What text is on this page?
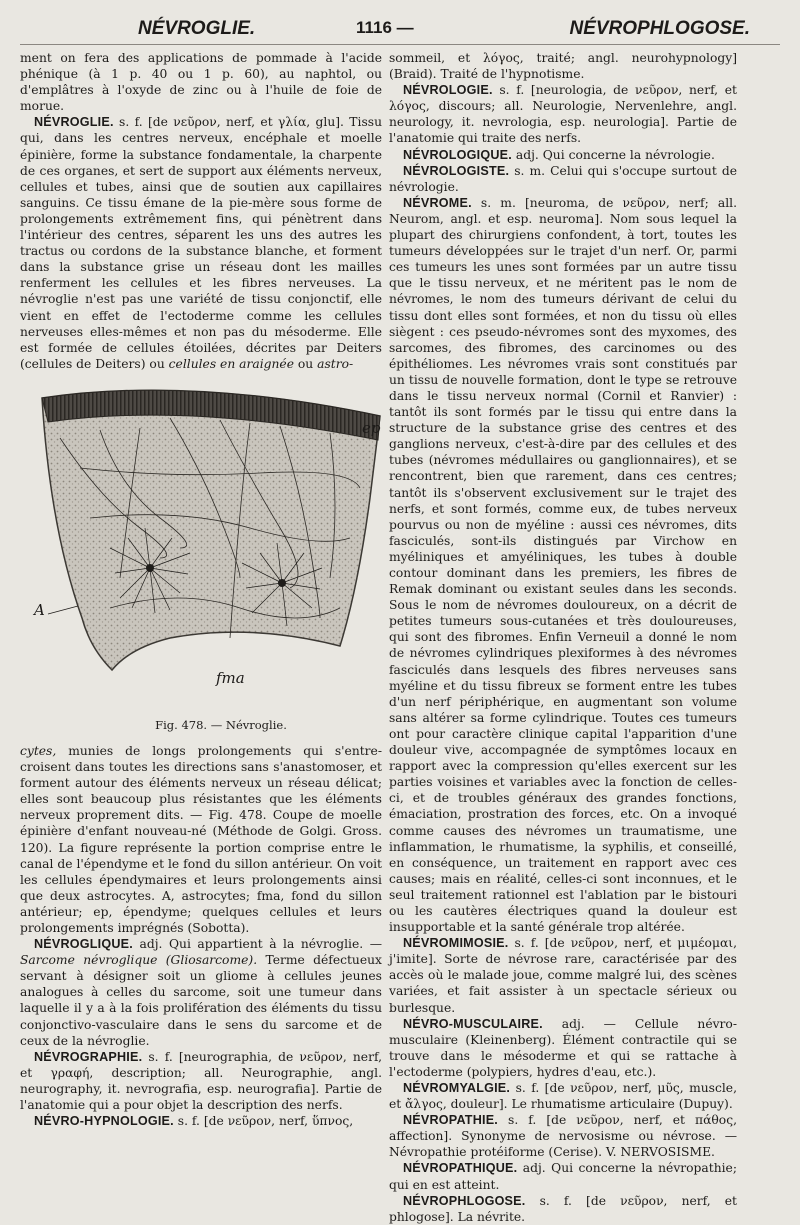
NÉVROGLIE.	1116 —	NÉVROPHLOGOSE.

ment on fera des applications de pommade à l'acide phénique (à 1 p. 40 ou 1 p. 60), au naphtol, ou d'emplâtres à l'oxyde de zinc ou à l'huile de foie de morue.

NÉVROGLIE. s. f. [de νεῦρον, nerf, et γλία, glu]. Tissu qui, dans les centres nerveux, encéphale et moelle épinière, forme la substance fondamentale, la charpente de ces organes, et sert de support aux éléments nerveux, cellules et tubes, ainsi que de soutien aux capillaires sanguins. Ce tissu émane de la pie-mère sous forme de prolongements extrêmement fins, qui pénètrent dans l'intérieur des centres, séparent les uns des autres les tractus ou cordons de la substance blanche, et forment dans la substance grise un réseau dont les mailles renferment les cellules et les fibres nerveuses. La névroglie n'est pas une variété de tissu conjonctif, elle vient en effet de l'ectoderme comme les cellules nerveuses elles-mêmes et non pas du mésoderme. Elle est formée de cellules étoilées, décrites par Deiters (cellules de Deiters) ou cellules en araignée ou astro-

ep
A
fma
Fig. 478. — Névroglie.

cytes, munies de longs prolongements qui s'entre-croisent dans toutes les directions sans s'anastomoser, et forment autour des éléments nerveux un réseau délicat; elles sont beaucoup plus résistantes que les éléments nerveux proprement dits. — Fig. 478. Coupe de moelle épinière d'enfant nouveau-né (Méthode de Golgi. Gross. 120). La figure représente la portion comprise entre le canal de l'épendyme et le fond du sillon antérieur. On voit les cellules épendymaires et leurs prolongements ainsi que deux astrocytes. A, astrocytes; fma, fond du sillon antérieur; ep, épendyme; quelques cellules et leurs prolongements imprégnés (Sobotta).

NÉVROGLIQUE. adj. Qui appartient à la névroglie. — Sarcome névroglique (Gliosarcome). Terme défectueux servant à désigner soit un gliome à cellules jeunes analogues à celles du sarcome, soit une tumeur dans laquelle il y a à la fois prolifération des éléments du tissu conjonctivo-vasculaire dans le sens du sarcome et de ceux de la névroglie.

NÉVROGRAPHIE. s. f. [neurographia, de νεῦρον, nerf, et γραφή, description; all. Neurographie, angl. neurography, it. nevrografia, esp. neurografia]. Partie de l'anatomie qui a pour objet la description des nerfs.

NÉVRO-HYPNOLOGIE. s. f. [de νεῦρον, nerf, ὕπνος,

sommeil, et λόγος, traité; angl. neurohypnology] (Braid). Traité de l'hypnotisme.

NÉVROLOGIE. s. f. [neurologia, de νεῦρον, nerf, et λόγος, discours; all. Neurologie, Nervenlehre, angl. neurology, it. nevrologia, esp. neurologia]. Partie de l'anatomie qui traite des nerfs.

NÉVROLOGIQUE. adj. Qui concerne la névrologie.

NÉVROLOGISTE. s. m. Celui qui s'occupe surtout de névrologie.

NÉVROME. s. m. [neuroma, de νεῦρον, nerf; all. Neurom, angl. et esp. neuroma]. Nom sous lequel la plupart des chirurgiens confondent, à tort, toutes les tumeurs développées sur le trajet d'un nerf. Or, parmi ces tumeurs les unes sont formées par un autre tissu que le tissu nerveux, et ne méritent pas le nom de névromes, le nom des tumeurs dérivant de celui du tissu dont elles sont formées, et non du tissu où elles siègent : ces pseudo-névromes sont des myxomes, des sarcomes, des fibromes, des carcinomes ou des épithéliomes. Les névromes vrais sont constitués par un tissu de nouvelle formation, dont le type se retrouve dans le tissu nerveux normal (Cornil et Ranvier) : tantôt ils sont formés par le tissu qui entre dans la structure de la substance grise des centres et des ganglions nerveux, c'est-à-dire par des cellules et des tubes (névromes médullaires ou ganglionnaires), et se rencontrent, bien que rarement, dans ces centres; tantôt ils s'observent exclusivement sur le trajet des nerfs, et sont formés, comme eux, de tubes nerveux pourvus ou non de myéline : aussi ces névromes, dits fasciculés, sont-ils distingués par Virchow en myéliniques et amyéliniques, les tubes à double contour dominant dans les premiers, les fibres de Remak dominant ou existant seules dans les seconds. Sous le nom de névromes douloureux, on a décrit de petites tumeurs sous-cutanées et très douloureuses, qui sont des fibromes. Enfin Verneuil a donné le nom de névromes cylindriques plexiformes à des névromes fasciculés dans lesquels des fibres nerveuses sans myéline et du tissu fibreux se forment entre les tubes d'un nerf périphérique, en augmentant son volume sans altérer sa forme cylindrique. Toutes ces tumeurs ont pour caractère clinique capital l'apparition d'une douleur vive, accompagnée de symptômes locaux en rapport avec la compression qu'elles exercent sur les parties voisines et variables avec la fonction de celles-ci, et de troubles généraux des grandes fonctions, émaciation, prostration des forces, etc. On a invoqué comme causes des névromes un traumatisme, une inflammation, le rhumatisme, la syphilis, et conseillé, en conséquence, un traitement en rapport avec ces causes; mais en réalité, celles-ci sont inconnues, et le seul traitement rationnel est l'ablation par le bistouri ou les cautères électriques quand la douleur est insupportable et la santé générale trop altérée.

NÉVROMIMOSIE. s. f. [de νεῦρον, nerf, et μιμέομαι, j'imite]. Sorte de névrose rare, caractérisée par des accès où le malade joue, comme malgré lui, des scènes variées, et fait assister à un spectacle sérieux ou burlesque.

NÉVRO-MUSCULAIRE. adj. — Cellule névro-musculaire (Kleinenberg). Élément contractile qui se trouve dans le mésoderme et qui se rattache à l'ectoderme (polypiers, hydres d'eau, etc.).

NÉVROMYALGIE. s. f. [de νεῦρον, nerf, μῦς, muscle, et ἄλγος, douleur]. Le rhumatisme articulaire (Dupuy).

NÉVROPATHIE. s. f. [de νεῦρον, nerf, et πάθος, affection]. Synonyme de nervosisme ou névrose. — Névropathie protéiforme (Cerise). V. NERVOSISME.

NÉVROPATHIQUE. adj. Qui concerne la névropathie; qui en est atteint.

NÉVROPHLOGOSE. s. f. [de νεῦρον, nerf, et phlogose]. La névrite.
